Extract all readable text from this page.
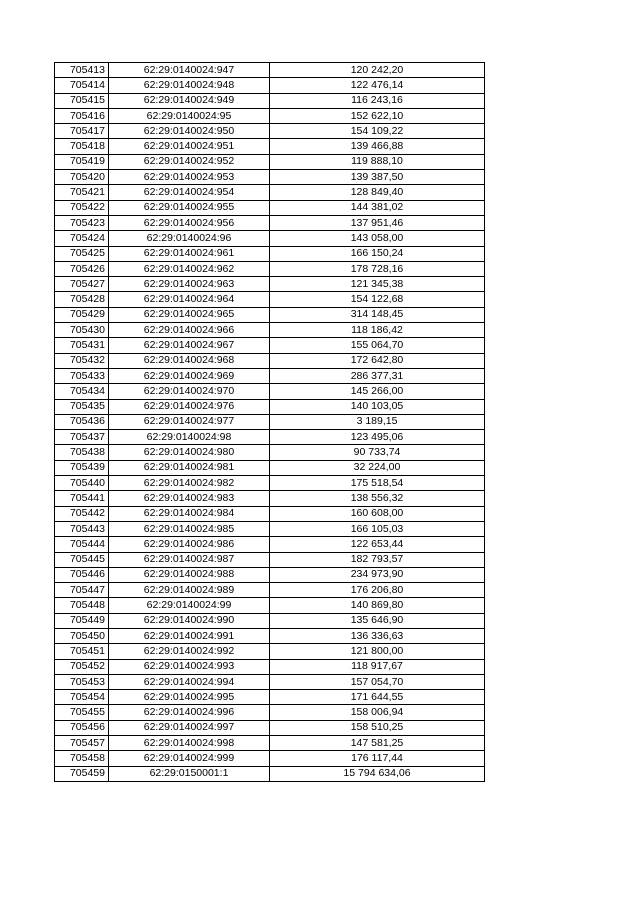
705413	62:29:0140024:947	120 242,20
705414	62:29:0140024:948	122 476,14
705415	62:29:0140024:949	116 243,16
705416	62:29:0140024:95	152 622,10
705417	62:29:0140024:950	154 109,22
705418	62:29:0140024:951	139 466,88
705419	62:29:0140024:952	119 888,10
705420	62:29:0140024:953	139 387,50
705421	62:29:0140024:954	128 849,40
705422	62:29:0140024:955	144 381,02
705423	62:29:0140024:956	137 951,46
705424	62:29:0140024:96	143 058,00
705425	62:29:0140024:961	166 150,24
705426	62:29:0140024:962	178 728,16
705427	62:29:0140024:963	121 345,38
705428	62:29:0140024:964	154 122,68
705429	62:29:0140024:965	314 148,45
705430	62:29:0140024:966	118 186,42
705431	62:29:0140024:967	155 064,70
705432	62:29:0140024:968	172 642,80
705433	62:29:0140024:969	286 377,31
705434	62:29:0140024:970	145 266,00
705435	62:29:0140024:976	140 103,05
705436	62:29:0140024:977	3 189,15
705437	62:29:0140024:98	123 495,06
705438	62:29:0140024:980	90 733,74
705439	62:29:0140024:981	32 224,00
705440	62:29:0140024:982	175 518,54
705441	62:29:0140024:983	138 556,32
705442	62:29:0140024:984	160 608,00
705443	62:29:0140024:985	166 105,03
705444	62:29:0140024:986	122 653,44
705445	62:29:0140024:987	182 793,57
705446	62:29:0140024:988	234 973,90
705447	62:29:0140024:989	176 206,80
705448	62:29:0140024:99	140 869,80
705449	62:29:0140024:990	135 646,90
705450	62:29:0140024:991	136 336,63
705451	62:29:0140024:992	121 800,00
705452	62:29:0140024:993	118 917,67
705453	62:29:0140024:994	157 054,70
705454	62:29:0140024:995	171 644,55
705455	62:29:0140024:996	158 006,94
705456	62:29:0140024:997	158 510,25
705457	62:29:0140024:998	147 581,25
705458	62:29:0140024:999	176 117,44
705459	62:29:0150001:1	15 794 634,06
